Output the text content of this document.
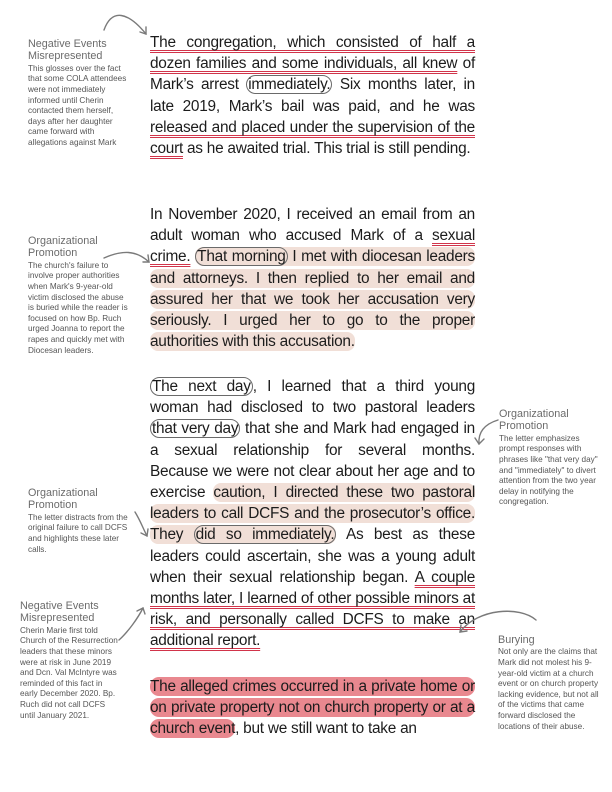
The congregation, which consisted of half a dozen families and some individuals, all knew of Mark’s arrest immediately. Six months later, in late 2019, Mark’s bail was paid, and he was released and placed under the supervision of the court as he awaited trial. This trial is still pending.

In November 2020, I received an email from an adult woman who accused Mark of a sexual crime. That morning I met with diocesan leaders and attorneys. I then replied to her email and assured her that we took her accusation very seriously. I urged her to go to the proper authorities with this accusation.

The next day , I learned that a third young woman had disclosed to two pastoral leaders that very day that she and Mark had engaged in a sexual relationship for several months. Because we were not clear about her age and to exercise caution, I directed these two pastoral leaders to call DCFS and the prosecutor’s office. They did so immediately. As best as these leaders could ascertain, she was a young adult when their sexual relationship began. A couple months later, I learned of other possible minors at risk, and personally called DCFS to make an additional report.

The alleged crimes occurred in a private home or on private property not on church property or at a church event, but we still want to take an

Negative Events Misrepresented
This glosses over the fact that some COLA attendees were not immediately informed until Cherin contacted them herself, days after her daughter came forward with allegations against Mark
Organizational Promotion
The church's failure to involve proper authorities when Mark's 9-year-old victim disclosed the abuse is buried while the reader is focused on how Bp. Ruch urged Joanna to report the rapes and quickly met with Diocesan leaders.
Organizational Promotion
The letter distracts from the original failure to call DCFS and highlights these later calls.
Negative Events Misrepresented
Cherin Marie first told Church of the Resurrection leaders that these minors were at risk in June 2019 and Dcn. Val McIntyre was reminded of this fact in early December 2020. Bp. Ruch did not call DCFS until January 2021.
Organizational Promotion
The letter emphasizes prompt responses with phrases like "that very day" and "immediately" to divert attention from the two year delay in notifying the congregation.
Burying
Not only are the claims that Mark did not molest his 9-year-old victim at a church event or on church property lacking evidence, but not all of the victims that came forward disclosed the locations of their abuse.
